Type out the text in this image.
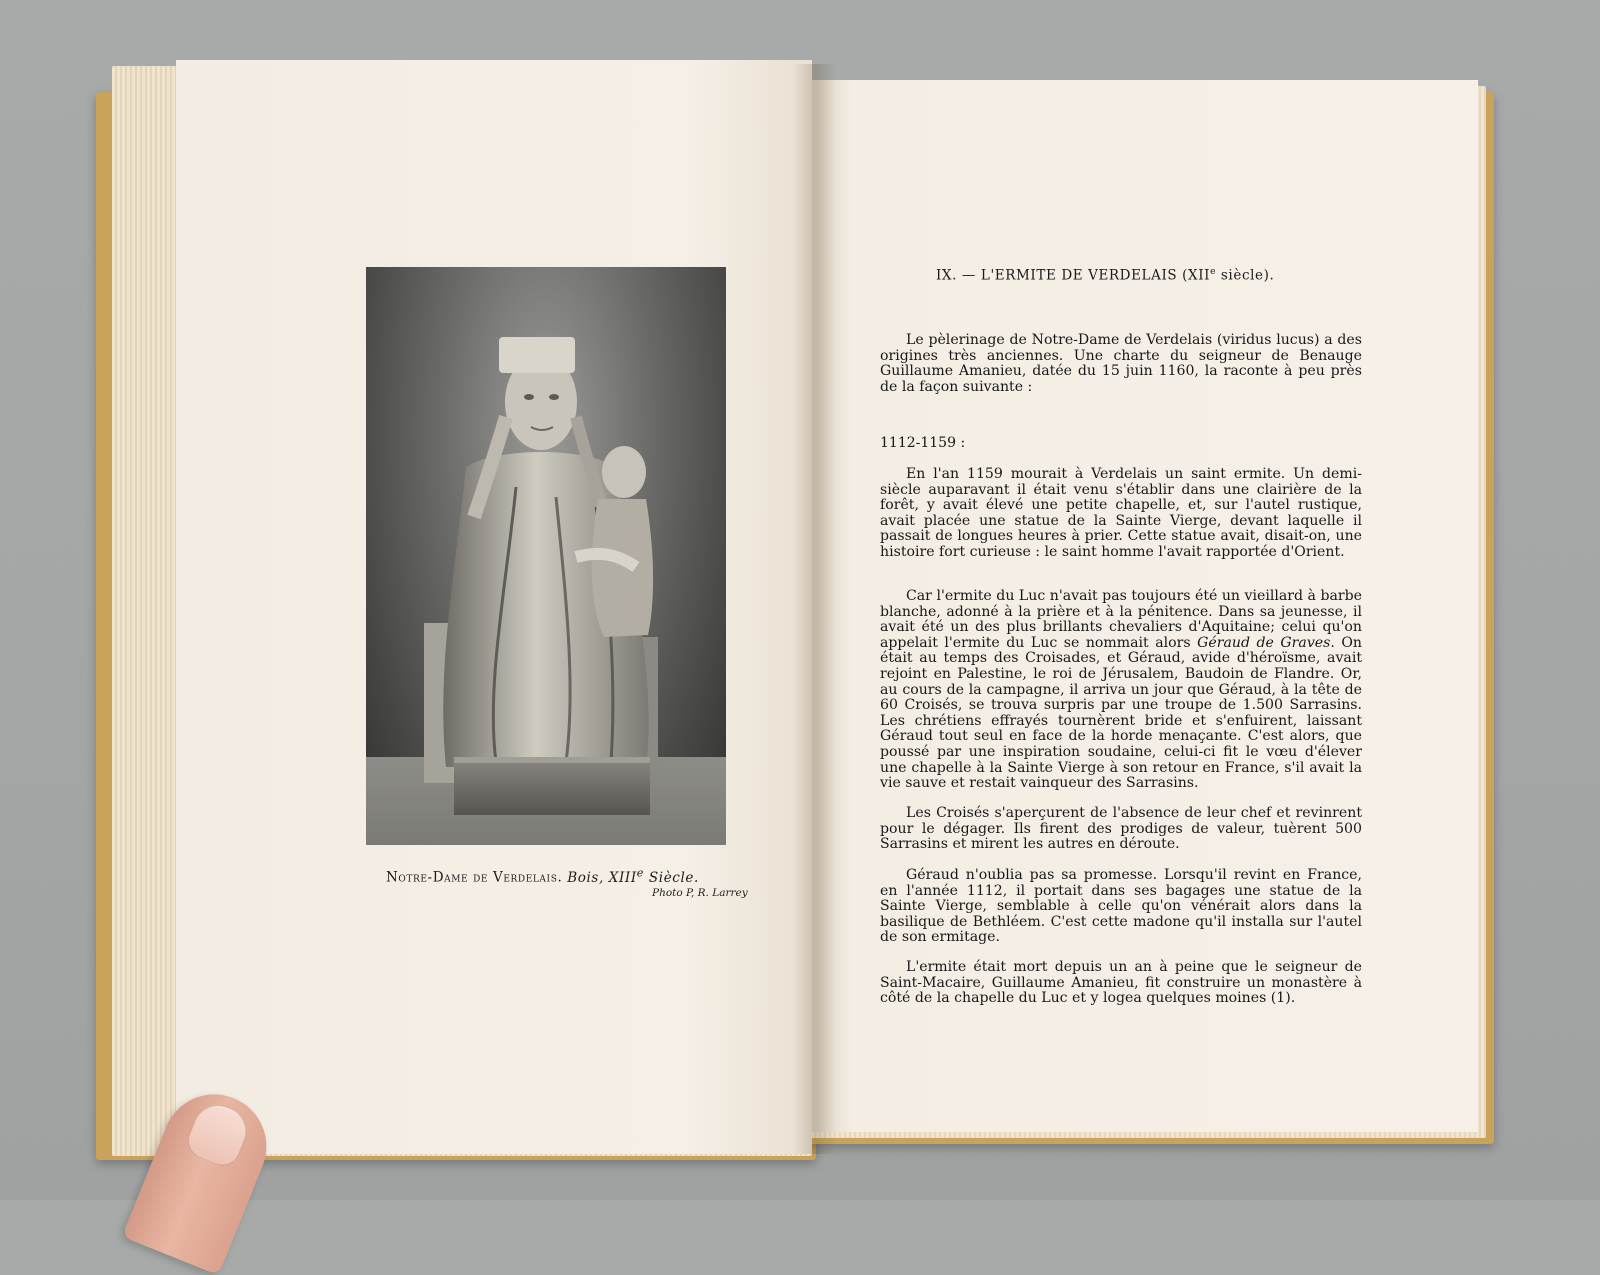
Notre-Dame de Verdelais. Bois, XIIIe Siècle.
Photo P, R. Larrey
IX. — L'ERMITE DE VERDELAIS (XIIe siècle).
Le pèlerinage de Notre-Dame de Verdelais (viridus lucus) a des origines très anciennes. Une charte du seigneur de Benauge Guillaume Amanieu, datée du 15 juin 1160, la raconte à peu près de la façon suivante :
1112-1159 :
En l'an 1159 mourait à Verdelais un saint ermite. Un demi-siècle auparavant il était venu s'établir dans une clairière de la forêt, y avait élevé une petite chapelle, et, sur l'autel rustique, avait placée une statue de la Sainte Vierge, devant laquelle il passait de longues heures à prier. Cette statue avait, disait-on, une histoire fort curieuse : le saint homme l'avait rapportée d'Orient.
Car l'ermite du Luc n'avait pas toujours été un vieillard à barbe blanche, adonné à la prière et à la pénitence. Dans sa jeunesse, il avait été un des plus brillants chevaliers d'Aquitaine; celui qu'on appelait l'ermite du Luc se nommait alors Géraud de Graves. On était au temps des Croisades, et Géraud, avide d'héroïsme, avait rejoint en Palestine, le roi de Jérusalem, Baudoin de Flandre. Or, au cours de la campagne, il arriva un jour que Géraud, à la tête de 60 Croisés, se trouva surpris par une troupe de 1.500 Sarrasins. Les chrétiens effrayés tournèrent bride et s'enfuirent, laissant Géraud tout seul en face de la horde menaçante. C'est alors, que poussé par une inspiration soudaine, celui-ci fit le vœu d'élever une chapelle à la Sainte Vierge à son retour en France, s'il avait la vie sauve et restait vainqueur des Sarrasins.
Les Croisés s'aperçurent de l'absence de leur chef et revinrent pour le dégager. Ils firent des prodiges de valeur, tuèrent 500 Sarrasins et mirent les autres en déroute.
Géraud n'oublia pas sa promesse. Lorsqu'il revint en France, en l'année 1112, il portait dans ses bagages une statue de la Sainte Vierge, semblable à celle qu'on vénérait alors dans la basilique de Bethléem. C'est cette madone qu'il installa sur l'autel de son ermitage.
L'ermite était mort depuis un an à peine que le seigneur de Saint-Macaire, Guillaume Amanieu, fit construire un monastère à côté de la chapelle du Luc et y logea quelques moines (1).
